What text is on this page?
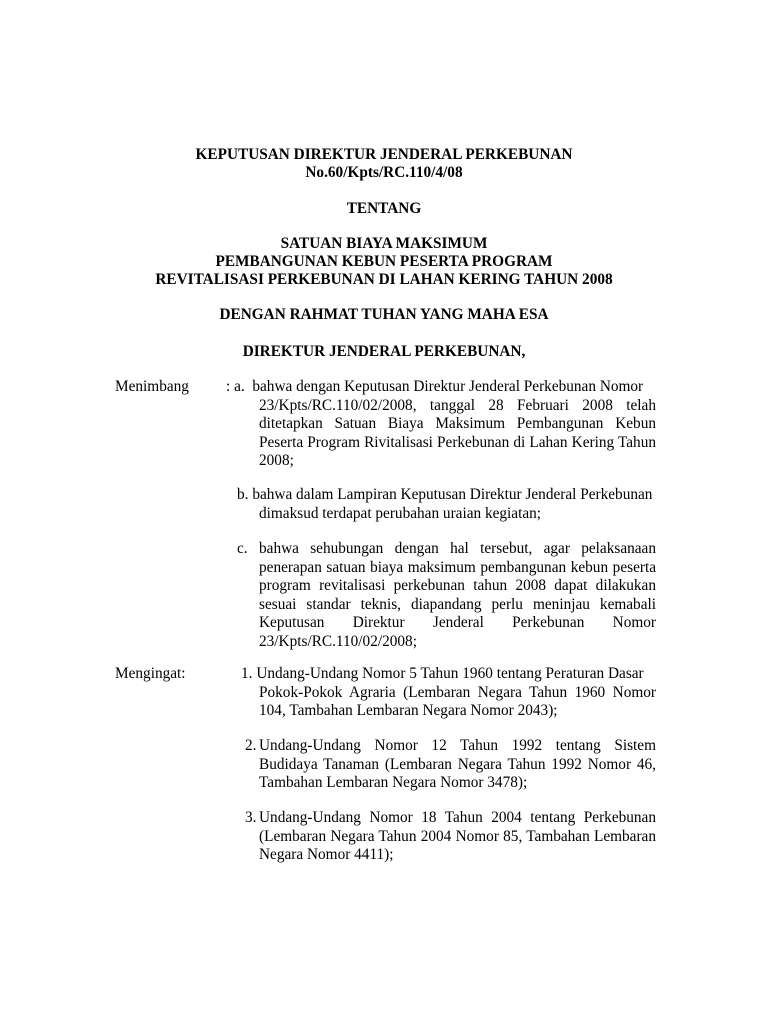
KEPUTUSAN DIREKTUR JENDERAL PERKEBUNAN
No.60/Kpts/RC.110/4/08
TENTANG
SATUAN BIAYA MAKSIMUM
PEMBANGUNAN KEBUN PESERTA PROGRAM
REVITALISASI PERKEBUNAN DI LAHAN KERING TAHUN 2008
DENGAN RAHMAT TUHAN YANG MAHA ESA
DIREKTUR JENDERAL PERKEBUNAN,
Menimbang : a. bahwa dengan Keputusan Direktur Jenderal Perkebunan Nomor
23/Kpts/RC.110/02/2008, tanggal 28 Februari 2008 telah ditetapkan Satuan Biaya Maksimum Pembangunan Kebun Peserta Program Rivitalisasi Perkebunan di Lahan Kering Tahun 2008;
b. bahwa dalam Lampiran Keputusan Direktur Jenderal Perkebunan
dimaksud terdapat perubahan uraian kegiatan;
c. bahwa sehubungan dengan hal tersebut, agar pelaksanaan
penerapan satuan biaya maksimum pembangunan kebun peserta program revitalisasi perkebunan tahun 2008 dapat dilakukan sesuai standar teknis, diapandang perlu meninjau kemabali Keputusan Direktur Jenderal Perkebunan Nomor 23/Kpts/RC.110/02/2008;
Mengingat:	1. Undang-Undang Nomor 5 Tahun 1960 tentang Peraturan Dasar
Pokok-Pokok Agraria (Lembaran Negara Tahun 1960 Nomor 104, Tambahan Lembaran Negara Nomor 2043);
2. Undang-Undang Nomor 12 Tahun 1992 tentang Sistem
Budidaya Tanaman (Lembaran Negara Tahun 1992 Nomor 46, Tambahan Lembaran Negara Nomor 3478);
3. Undang-Undang Nomor 18 Tahun 2004 tentang Perkebunan
(Lembaran Negara Tahun 2004 Nomor 85, Tambahan Lembaran Negara Nomor 4411);
